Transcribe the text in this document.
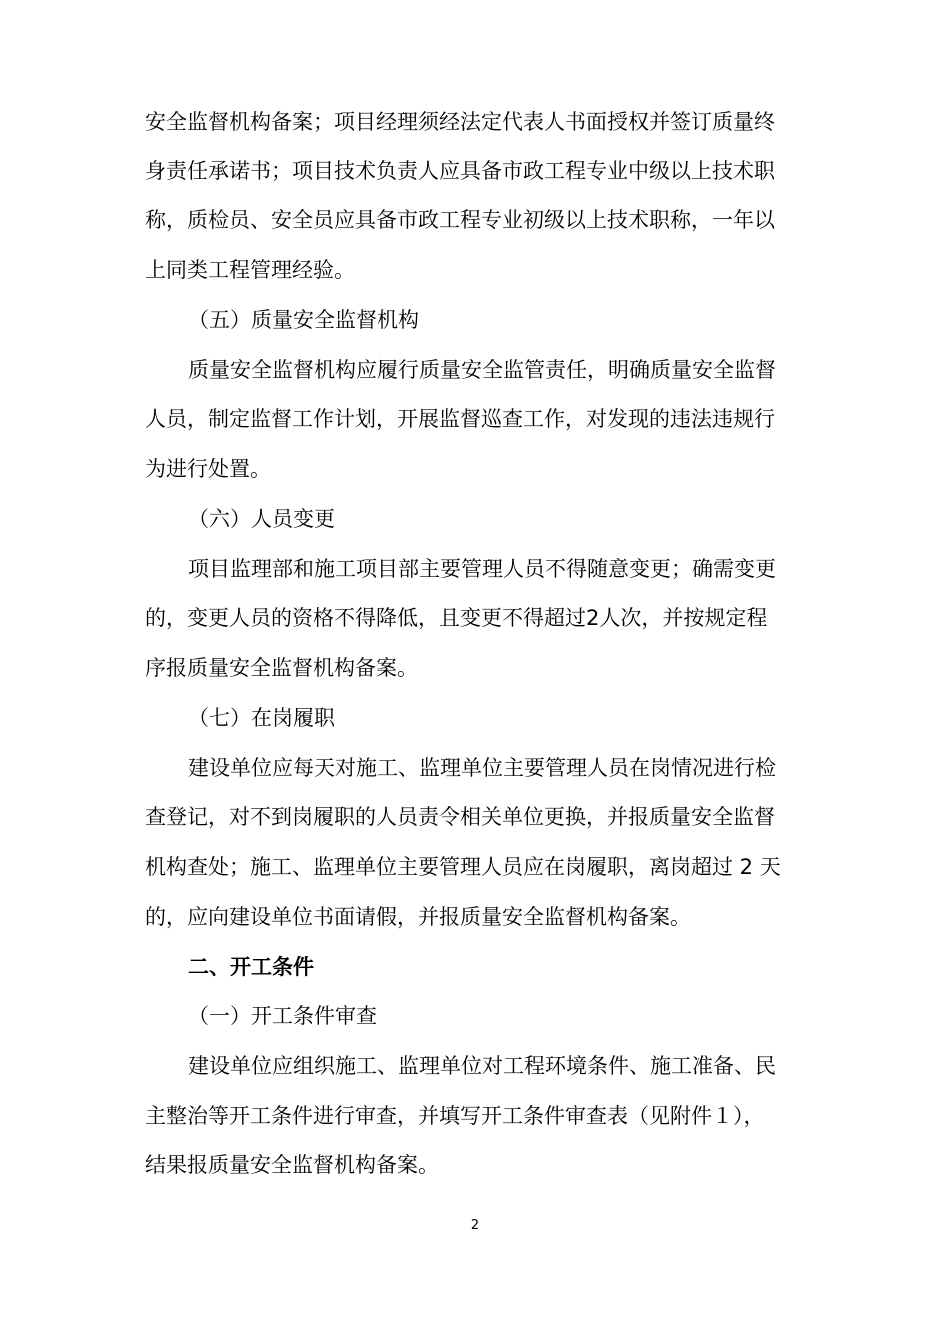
安全监督机构备案；项目经理须经法定代表人书面授权并签订质量终
身责任承诺书；项目技术负责人应具备市政工程专业中级以上技术职
称，质检员、安全员应具备市政工程专业初级以上技术职称，一年以
上同类工程管理经验。
（五）质量安全监督机构
质量安全监督机构应履行质量安全监管责任，明确质量安全监督
人员，制定监督工作计划，开展监督巡查工作，对发现的违法违规行
为进行处置。
（六）人员变更
项目监理部和施工项目部主要管理人员不得随意变更；确需变更
的，变更人员的资格不得降低，且变更不得超过2人次，并按规定程
序报质量安全监督机构备案。
（七）在岗履职
建设单位应每天对施工、监理单位主要管理人员在岗情况进行检
查登记，对不到岗履职的人员责令相关单位更换，并报质量安全监督
机构查处；施工、监理单位主要管理人员应在岗履职，离岗超过 2 天
的，应向建设单位书面请假，并报质量安全监督机构备案。
二、开工条件
（一）开工条件审查
建设单位应组织施工、监理单位对工程环境条件、施工准备、民
主整治等开工条件进行审查，并填写开工条件审查表（见附件１），
结果报质量安全监督机构备案。
2
